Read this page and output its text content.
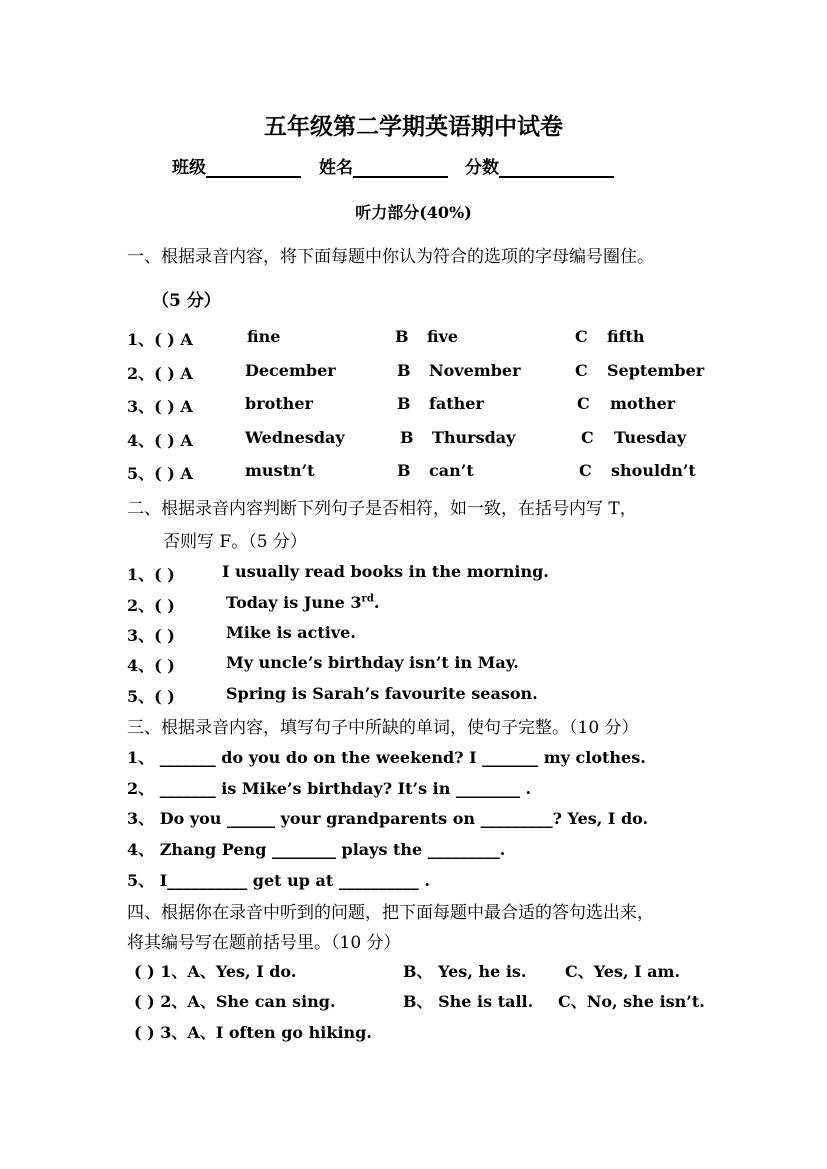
五年级第二学期英语期中试卷
班级	姓名	分数
听力部分(40%)
一、根据录音内容，将下面每题中你认为符合的选项的字母编号圈住。
（5 分）
1、( ) A	fine	B five	C fifth
2、( ) A	December	B November	C September
3、( ) A	brother	B father	C mother
4、( ) A	Wednesday	B Thursday	C Tuesday
5、( ) A	mustn’t	B can’t	C shouldn’t
二、根据录音内容判断下列句子是否相符，如一致，在括号内写 T，
否则写 F。（5 分）
1、( )	I usually read books in the morning.
2、( )	Today is June 3rd.
3、( )	Mike is active.
4、( )	My uncle’s birthday isn’t in May.
5、( )	Spring is Sarah’s favourite season.
三、根据录音内容，填写句子中所缺的单词，使句子完整。（10 分）
1、 _______ do you do on the weekend? I _______ my clothes.
2、 _______ is Mike’s birthday? It’s in ________ .
3、 Do you ______ your grandparents on _________? Yes, I do.
4、 Zhang Peng ________ plays the _________.
5、 I__________ get up at __________ .
四、根据你在录音中听到的问题，把下面每题中最合适的答句选出来，
将其编号写在题前括号里。（10 分）
( ) 1、A、Yes, I do.	B、 Yes, he is. C、Yes, I am.
( ) 2、A、She can sing.	B、 She is tall. C、No, she isn’t.
( ) 3、A、I often go hiking.
